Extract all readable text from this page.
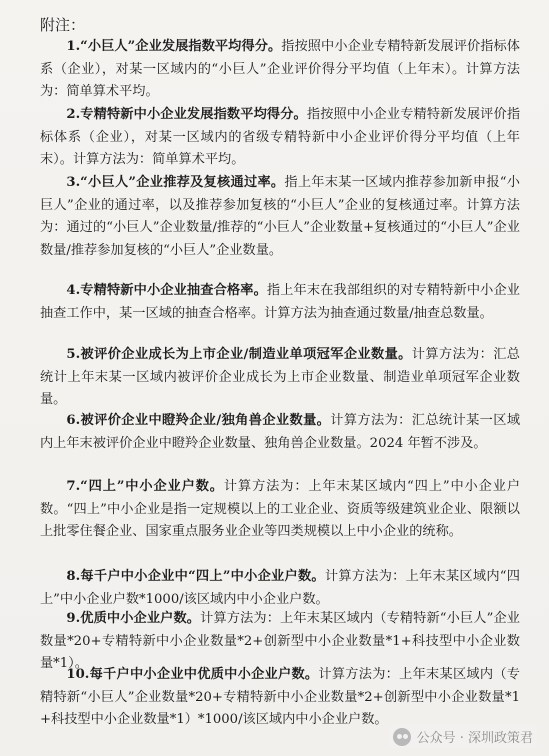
附注：
1.“小巨人”企业发展指数平均得分。指按照中小企业专精特新发展评价指标体系（企业），对某一区域内的“小巨人”企业评价得分平均值（上年末）。计算方法为：简单算术平均。
2.专精特新中小企业发展指数平均得分。指按照中小企业专精特新发展评价指标体系（企业），对某一区域内的省级专精特新中小企业评价得分平均值（上年末）。计算方法为：简单算术平均。
3.“小巨人”企业推荐及复核通过率。指上年末某一区域内推荐参加新申报“小巨人”企业的通过率，以及推荐参加复核的“小巨人”企业的复核通过率。计算方法为：通过的“小巨人”企业数量/推荐的“小巨人”企业数量+复核通过的“小巨人”企业数量/推荐参加复核的“小巨人”企业数量。
4.专精特新中小企业抽查合格率。指上年末在我部组织的对专精特新中小企业抽查工作中，某一区域的抽查合格率。计算方法为抽查通过数量/抽查总数量。
5.被评价企业成长为上市企业/制造业单项冠军企业数量。计算方法为：汇总统计上年末某一区域内被评价企业成长为上市企业数量、制造业单项冠军企业数量。
6.被评价企业中瞪羚企业/独角兽企业数量。计算方法为：汇总统计某一区域内上年末被评价企业中瞪羚企业数量、独角兽企业数量。2024 年暂不涉及。
7.“四上”中小企业户数。计算方法为：上年末某区域内“四上”中小企业户数。“四上”中小企业是指一定规模以上的工业企业、资质等级建筑业企业、限额以上批零住餐企业、国家重点服务业企业等四类规模以上中小企业的统称。
8.每千户中小企业中“四上”中小企业户数。计算方法为：上年末某区域内“四上”中小企业户数*1000/该区域内中小企业户数。
9.优质中小企业户数。计算方法为：上年末某区域内（专精特新“小巨人”企业数量*20+专精特新中小企业数量*2+创新型中小企业数量*1+科技型中小企业数量*1）。
10.每千户中小企业中优质中小企业户数。计算方法为：上年末某区域内（专精特新“小巨人”企业数量*20+专精特新中小企业数量*2+创新型中小企业数量*1+科技型中小企业数量*1）*1000/该区域内中小企业户数。
公众号 · 深圳政策君
